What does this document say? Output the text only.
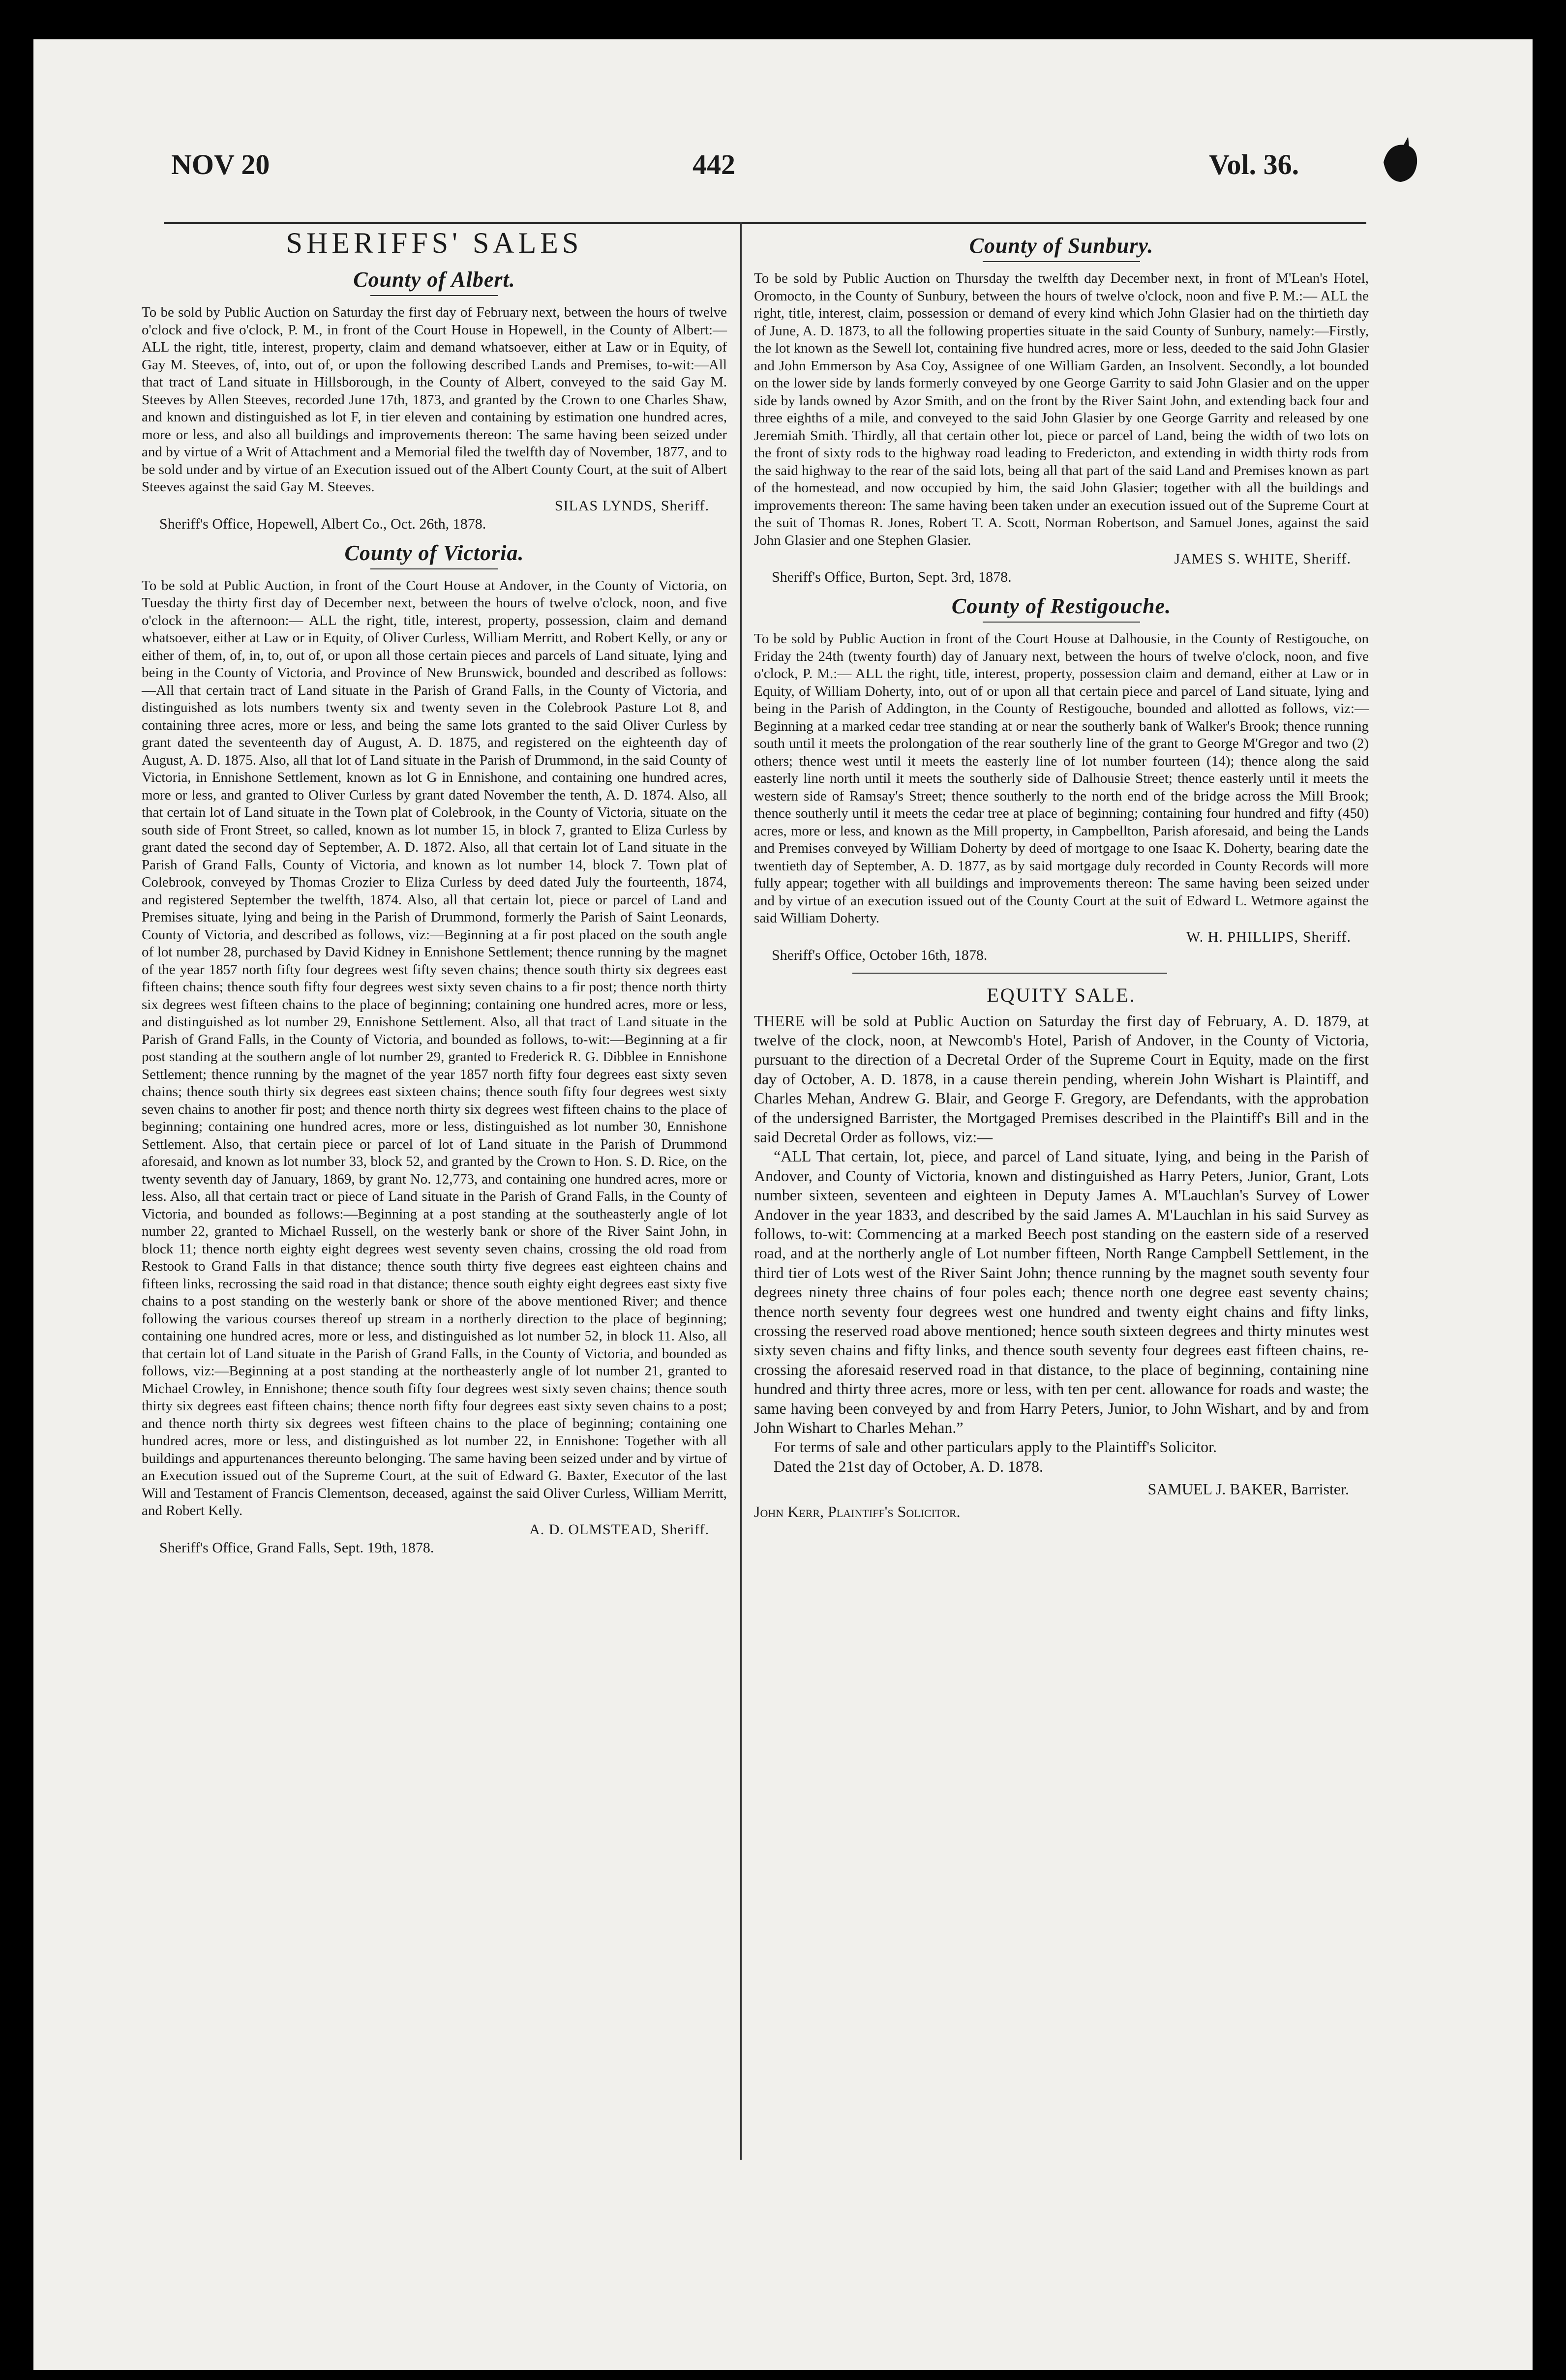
NOV 20	442	Vol. 36.
SHERIFFS' SALES
County of Albert.

To be sold by Public Auction on Saturday the first day of February next, between the hours of twelve o'clock and five o'clock, P. M., in front of the Court House in Hopewell, in the County of Albert:— ALL the right, title, interest, property, claim and demand whatsoever, either at Law or in Equity, of Gay M. Steeves, of, into, out of, or upon the following described Lands and Premises, to-wit:—All that tract of Land situate in Hillsborough, in the County of Albert, conveyed to the said Gay M. Steeves by Allen Steeves, recorded June 17th, 1873, and granted by the Crown to one Charles Shaw, and known and distinguished as lot F, in tier eleven and containing by estimation one hundred acres, more or less, and also all buildings and improvements thereon: The same having been seized under and by virtue of a Writ of Attachment and a Memorial filed the twelfth day of November, 1877, and to be sold under and by virtue of an Execution issued out of the Albert County Court, at the suit of Albert Steeves against the said Gay M. Steeves.

SILAS LYNDS, Sheriff.
Sheriff's Office, Hopewell, Albert Co., Oct. 26th, 1878.
County of Victoria.

To be sold at Public Auction, in front of the Court House at Andover, in the County of Victoria, on Tuesday the thirty first day of December next, between the hours of twelve o'clock, noon, and five o'clock in the afternoon:— ALL the right, title, interest, property, possession, claim and demand whatsoever, either at Law or in Equity, of Oliver Curless, William Merritt, and Robert Kelly, or any or either of them, of, in, to, out of, or upon all those certain pieces and parcels of Land situate, lying and being in the County of Victoria, and Province of New Brunswick, bounded and described as follows:—All that certain tract of Land situate in the Parish of Grand Falls, in the County of Victoria, and distinguished as lots numbers twenty six and twenty seven in the Colebrook Pasture Lot 8, and containing three acres, more or less, and being the same lots granted to the said Oliver Curless by grant dated the seventeenth day of August, A. D. 1875, and registered on the eighteenth day of August, A. D. 1875. Also, all that lot of Land situate in the Parish of Drummond, in the said County of Victoria, in Ennishone Settlement, known as lot G in Ennishone, and containing one hundred acres, more or less, and granted to Oliver Curless by grant dated November the tenth, A. D. 1874. Also, all that certain lot of Land situate in the Town plat of Colebrook, in the County of Victoria, situate on the south side of Front Street, so called, known as lot number 15, in block 7, granted to Eliza Curless by grant dated the second day of September, A. D. 1872. Also, all that certain lot of Land situate in the Parish of Grand Falls, County of Victoria, and known as lot number 14, block 7. Town plat of Colebrook, conveyed by Thomas Crozier to Eliza Curless by deed dated July the fourteenth, 1874, and registered September the twelfth, 1874. Also, all that certain lot, piece or parcel of Land and Premises situate, lying and being in the Parish of Drummond, formerly the Parish of Saint Leonards, County of Victoria, and described as follows, viz:—Beginning at a fir post placed on the south angle of lot number 28, purchased by David Kidney in Ennishone Settlement; thence running by the magnet of the year 1857 north fifty four degrees west fifty seven chains; thence south thirty six degrees east fifteen chains; thence south fifty four degrees west sixty seven chains to a fir post; thence north thirty six degrees west fifteen chains to the place of beginning; containing one hundred acres, more or less, and distinguished as lot number 29, Ennishone Settlement. Also, all that tract of Land situate in the Parish of Grand Falls, in the County of Victoria, and bounded as follows, to-wit:—Beginning at a fir post standing at the southern angle of lot number 29, granted to Frederick R. G. Dibblee in Ennishone Settlement; thence running by the magnet of the year 1857 north fifty four degrees east sixty seven chains; thence south thirty six degrees east sixteen chains; thence south fifty four degrees west sixty seven chains to another fir post; and thence north thirty six degrees west fifteen chains to the place of beginning; containing one hundred acres, more or less, distinguished as lot number 30, Ennishone Settlement. Also, that certain piece or parcel of lot of Land situate in the Parish of Drummond aforesaid, and known as lot number 33, block 52, and granted by the Crown to Hon. S. D. Rice, on the twenty seventh day of January, 1869, by grant No. 12,773, and containing one hundred acres, more or less. Also, all that certain tract or piece of Land situate in the Parish of Grand Falls, in the County of Victoria, and bounded as follows:—Beginning at a post standing at the southeasterly angle of lot number 22, granted to Michael Russell, on the westerly bank or shore of the River Saint John, in block 11; thence north eighty eight degrees west seventy seven chains, crossing the old road from Restook to Grand Falls in that distance; thence south thirty five degrees east eighteen chains and fifteen links, recrossing the said road in that distance; thence south eighty eight degrees east sixty five chains to a post standing on the westerly bank or shore of the above mentioned River; and thence following the various courses thereof up stream in a northerly direction to the place of beginning; containing one hundred acres, more or less, and distinguished as lot number 52, in block 11. Also, all that certain lot of Land situate in the Parish of Grand Falls, in the County of Victoria, and bounded as follows, viz:—Beginning at a post standing at the northeasterly angle of lot number 21, granted to Michael Crowley, in Ennishone; thence south fifty four degrees west sixty seven chains; thence south thirty six degrees east fifteen chains; thence north fifty four degrees east sixty seven chains to a post; and thence north thirty six degrees west fifteen chains to the place of beginning; containing one hundred acres, more or less, and distinguished as lot number 22, in Ennishone: Together with all buildings and appurtenances thereunto belonging. The same having been seized under and by virtue of an Execution issued out of the Supreme Court, at the suit of Edward G. Baxter, Executor of the last Will and Testament of Francis Clementson, deceased, against the said Oliver Curless, William Merritt, and Robert Kelly.

A. D. OLMSTEAD, Sheriff.
Sheriff's Office, Grand Falls, Sept. 19th, 1878.
County of Sunbury.

To be sold by Public Auction on Thursday the twelfth day December next, in front of M'Lean's Hotel, Oromocto, in the County of Sunbury, between the hours of twelve o'clock, noon and five P. M.:— ALL the right, title, interest, claim, possession or demand of every kind which John Glasier had on the thirtieth day of June, A. D. 1873, to all the following properties situate in the said County of Sunbury, namely:—Firstly, the lot known as the Sewell lot, containing five hundred acres, more or less, deeded to the said John Glasier and John Emmerson by Asa Coy, Assignee of one William Garden, an Insolvent. Secondly, a lot bounded on the lower side by lands formerly conveyed by one George Garrity to said John Glasier and on the upper side by lands owned by Azor Smith, and on the front by the River Saint John, and extending back four and three eighths of a mile, and conveyed to the said John Glasier by one George Garrity and released by one Jeremiah Smith. Thirdly, all that certain other lot, piece or parcel of Land, being the width of two lots on the front of sixty rods to the highway road leading to Fredericton, and extending in width thirty rods from the said highway to the rear of the said lots, being all that part of the said Land and Premises known as part of the homestead, and now occupied by him, the said John Glasier; together with all the buildings and improvements thereon: The same having been taken under an execution issued out of the Supreme Court at the suit of Thomas R. Jones, Robert T. A. Scott, Norman Robertson, and Samuel Jones, against the said John Glasier and one Stephen Glasier.

JAMES S. WHITE, Sheriff.
Sheriff's Office, Burton, Sept. 3rd, 1878.
County of Restigouche.

To be sold by Public Auction in front of the Court House at Dalhousie, in the County of Restigouche, on Friday the 24th (twenty fourth) day of January next, between the hours of twelve o'clock, noon, and five o'clock, P. M.:— ALL the right, title, interest, property, possession claim and demand, either at Law or in Equity, of William Doherty, into, out of or upon all that certain piece and parcel of Land situate, lying and being in the Parish of Addington, in the County of Restigouche, bounded and allotted as follows, viz:—Beginning at a marked cedar tree standing at or near the southerly bank of Walker's Brook; thence running south until it meets the prolongation of the rear southerly line of the grant to George M'Gregor and two (2) others; thence west until it meets the easterly line of lot number fourteen (14); thence along the said easterly line north until it meets the southerly side of Dalhousie Street; thence easterly until it meets the western side of Ramsay's Street; thence southerly to the north end of the bridge across the Mill Brook; thence southerly until it meets the cedar tree at place of beginning; containing four hundred and fifty (450) acres, more or less, and known as the Mill property, in Campbellton, Parish aforesaid, and being the Lands and Premises conveyed by William Doherty by deed of mortgage to one Isaac K. Doherty, bearing date the twentieth day of September, A. D. 1877, as by said mortgage duly recorded in County Records will more fully appear; together with all buildings and improvements thereon: The same having been seized under and by virtue of an execution issued out of the County Court at the suit of Edward L. Wetmore against the said William Doherty.

W. H. PHILLIPS, Sheriff.
Sheriff's Office, October 16th, 1878.
EQUITY SALE.

THERE will be sold at Public Auction on Saturday the first day of February, A. D. 1879, at twelve of the clock, noon, at Newcomb's Hotel, Parish of Andover, in the County of Victoria, pursuant to the direction of a Decretal Order of the Supreme Court in Equity, made on the first day of October, A. D. 1878, in a cause therein pending, wherein John Wishart is Plaintiff, and Charles Mehan, Andrew G. Blair, and George F. Gregory, are Defendants, with the approbation of the undersigned Barrister, the Mortgaged Premises described in the Plaintiff's Bill and in the said Decretal Order as follows, viz:—

“ALL That certain, lot, piece, and parcel of Land situate, lying, and being in the Parish of Andover, and County of Victoria, known and distinguished as Harry Peters, Junior, Grant, Lots number sixteen, seventeen and eighteen in Deputy James A. M'Lauchlan's Survey of Lower Andover in the year 1833, and described by the said James A. M'Lauchlan in his said Survey as follows, to-wit: Commencing at a marked Beech post standing on the eastern side of a reserved road, and at the northerly angle of Lot number fifteen, North Range Campbell Settlement, in the third tier of Lots west of the River Saint John; thence running by the magnet south seventy four degrees ninety three chains of four poles each; thence north one degree east seventy chains; thence north seventy four degrees west one hundred and twenty eight chains and fifty links, crossing the reserved road above mentioned; hence south sixteen degrees and thirty minutes west sixty seven chains and fifty links, and thence south seventy four degrees east fifteen chains, re-crossing the aforesaid reserved road in that distance, to the place of beginning, containing nine hundred and thirty three acres, more or less, with ten per cent. allowance for roads and waste; the same having been conveyed by and from Harry Peters, Junior, to John Wishart, and by and from John Wishart to Charles Mehan.”

For terms of sale and other particulars apply to the Plaintiff's Solicitor.

Dated the 21st day of October, A. D. 1878.

SAMUEL J. BAKER, Barrister.
John Kerr, Plaintiff's Solicitor.
